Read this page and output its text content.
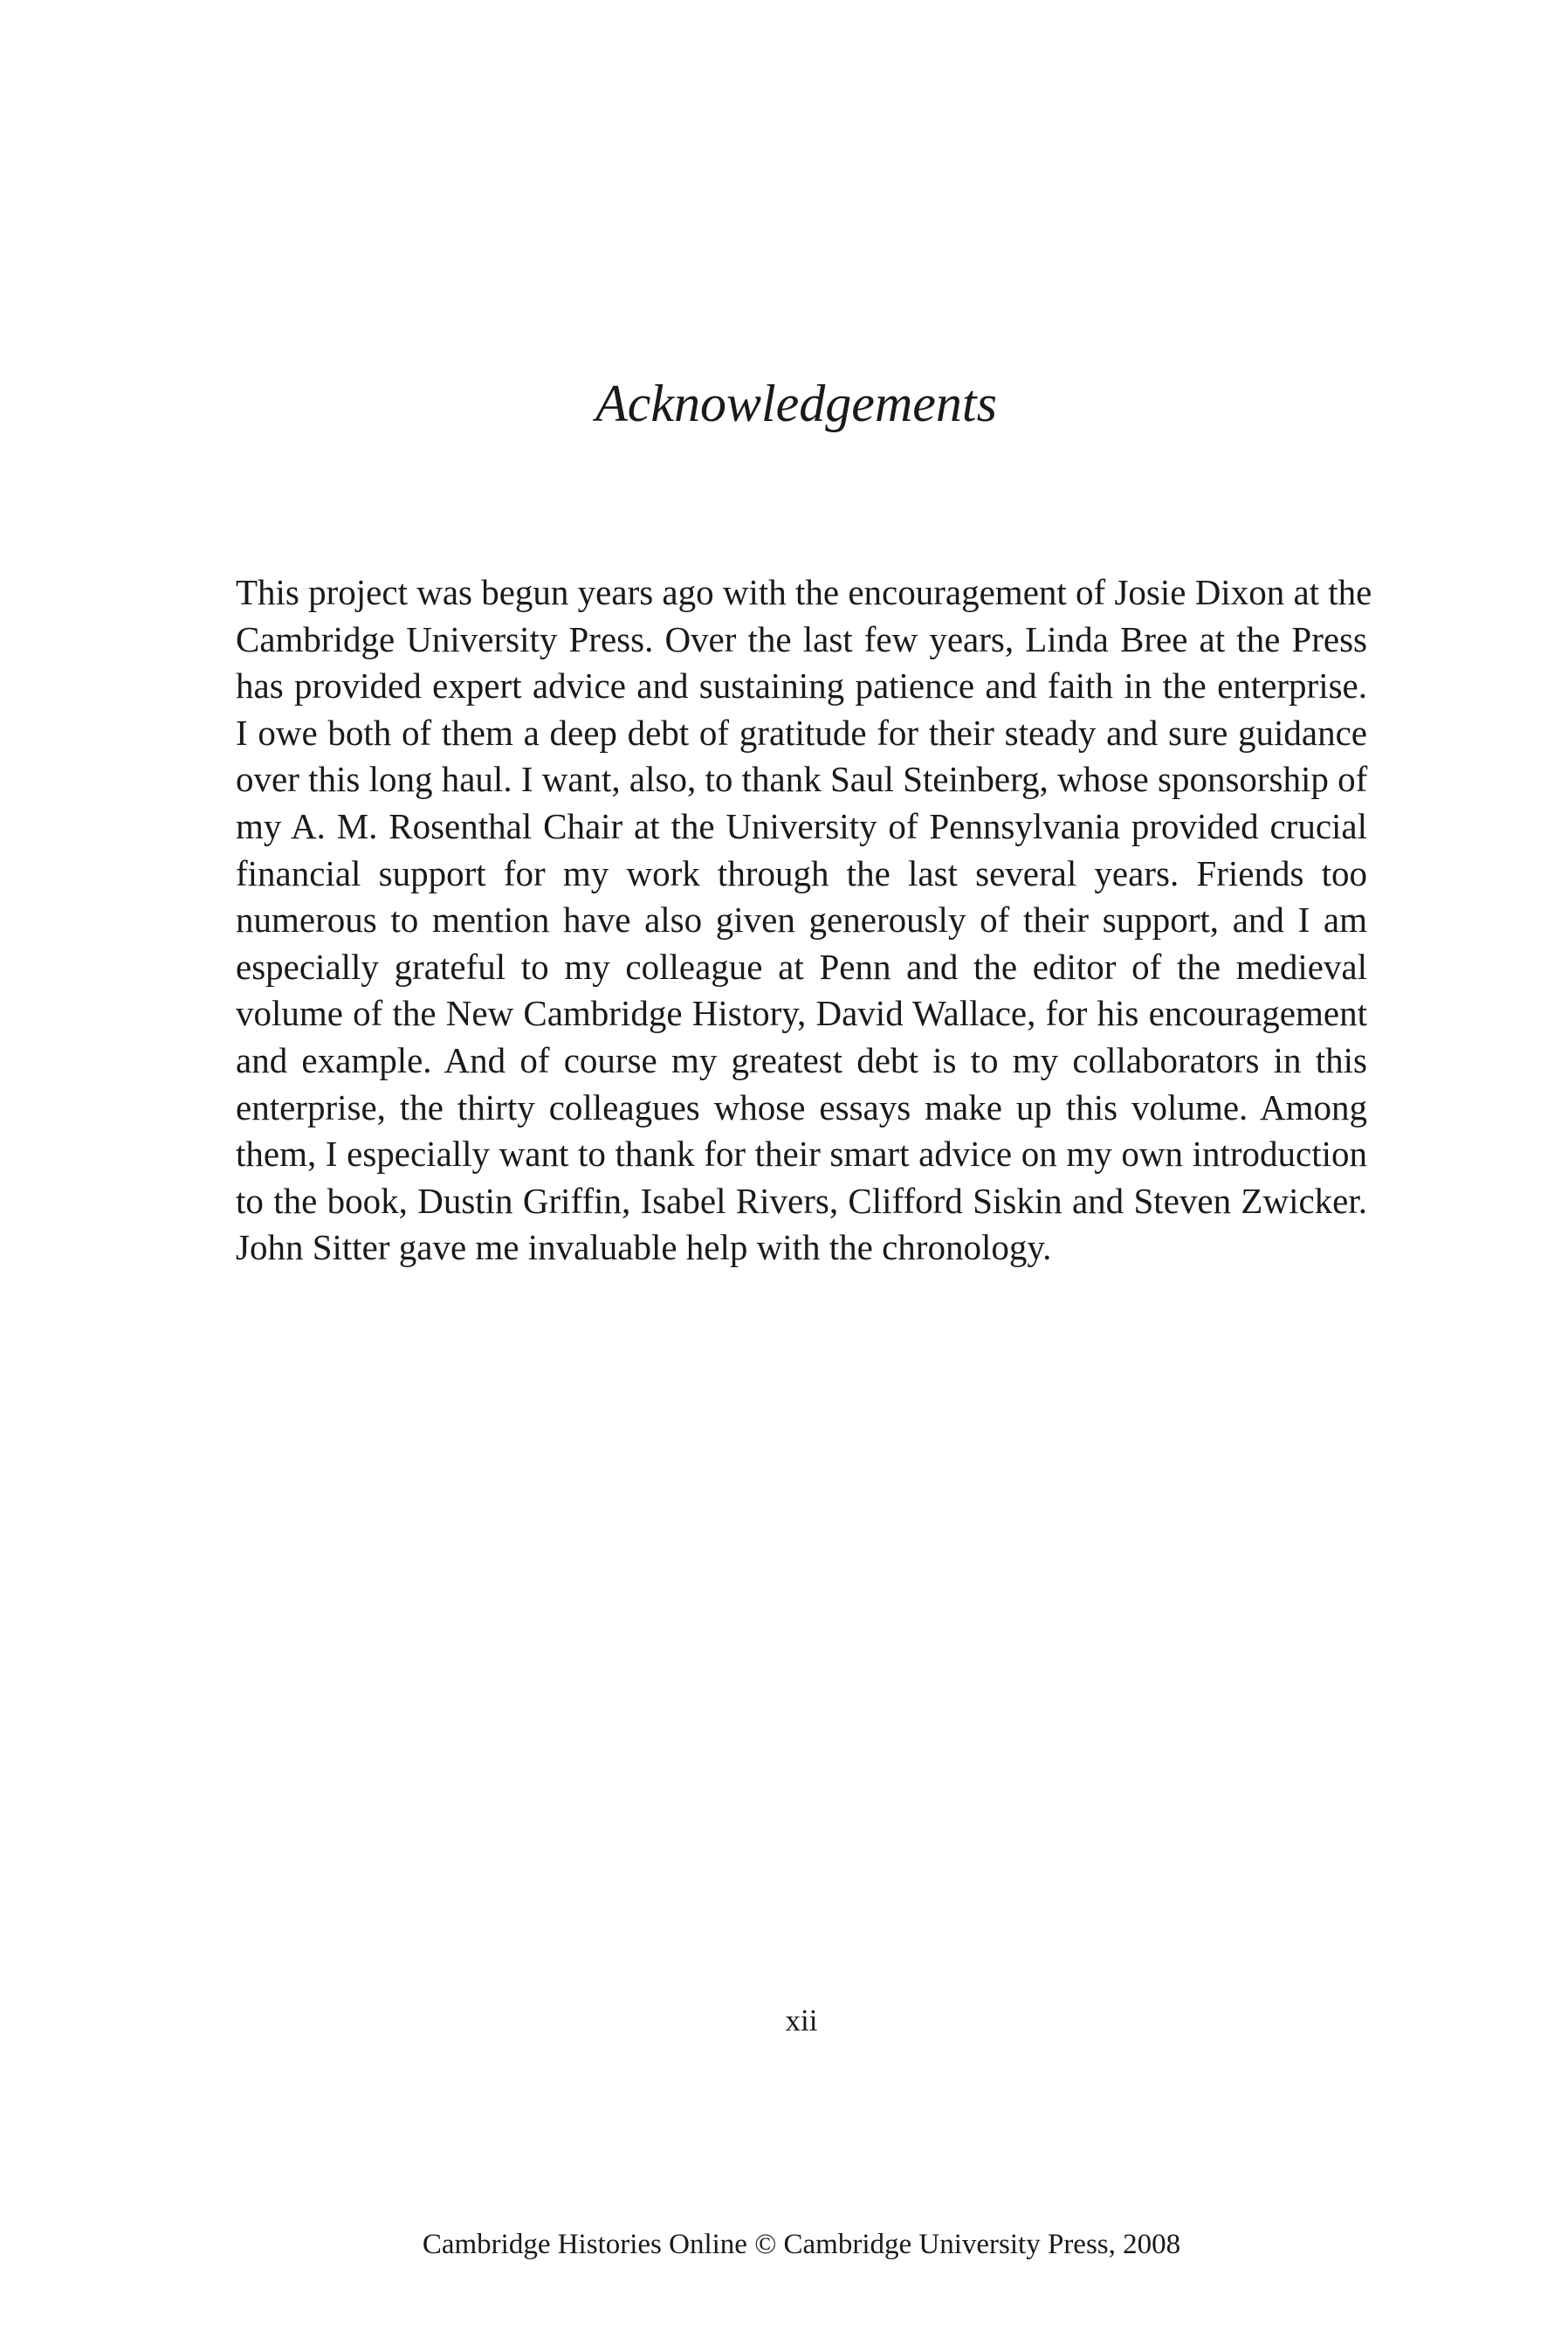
Acknowledgements
This project was begun years ago with the encouragement of Josie Dixon at the
Cambridge University Press. Over the last few years, Linda Bree at the Press
has provided expert advice and sustaining patience and faith in the enterprise.
I owe both of them a deep debt of gratitude for their steady and sure guidance
over this long haul. I want, also, to thank Saul Steinberg, whose sponsorship of
my A. M. Rosenthal Chair at the University of Pennsylvania provided crucial
financial support for my work through the last several years. Friends too
numerous to mention have also given generously of their support, and I am
especially grateful to my colleague at Penn and the editor of the medieval
volume of the New Cambridge History, David Wallace, for his encouragement
and example. And of course my greatest debt is to my collaborators in this
enterprise, the thirty colleagues whose essays make up this volume. Among
them, I especially want to thank for their smart advice on my own introduction
to the book, Dustin Griffin, Isabel Rivers, Clifford Siskin and Steven Zwicker.
John Sitter gave me invaluable help with the chronology.
xii
Cambridge Histories Online © Cambridge University Press, 2008
